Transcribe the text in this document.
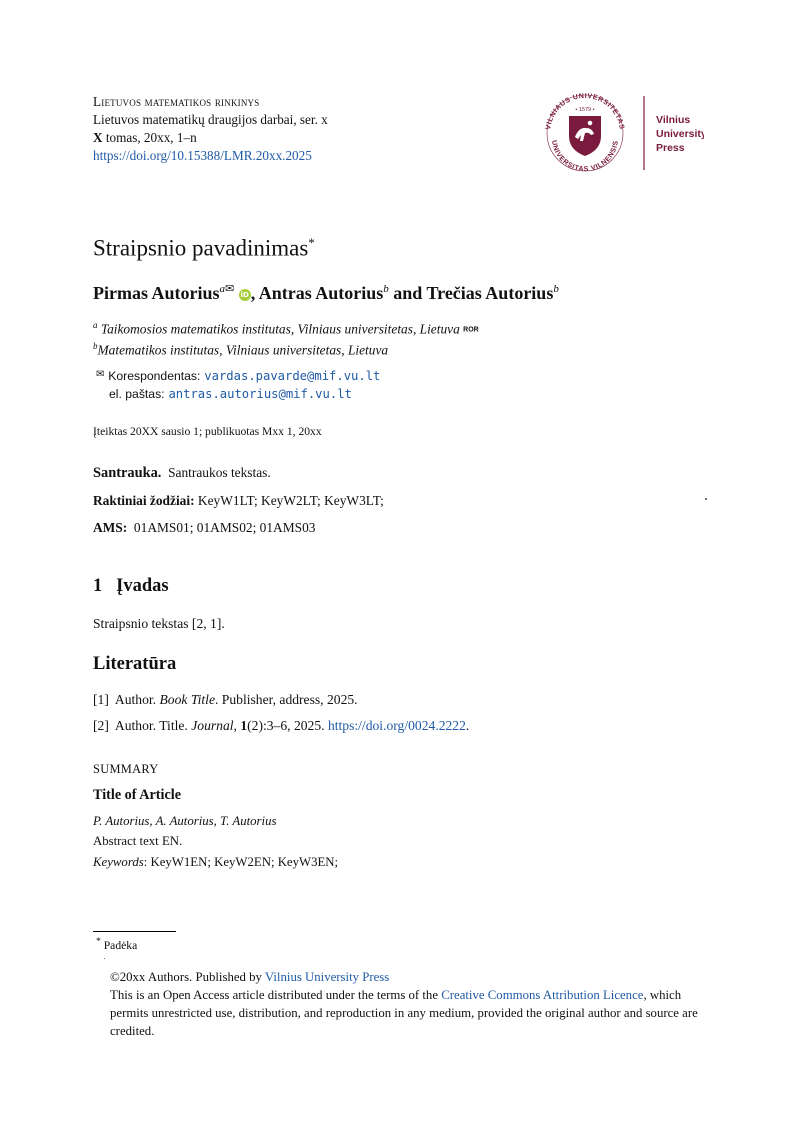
Lietuvos matematikos rinkinys
Lietuvos matematikų draugijos darbai, ser. x
X tomas, 20xx, 1–n
https://doi.org/10.15388/LMR.20xx.2025
VILNIAUS UNIVERSITETAS
UNIVERSITAS VILNENSIS
• 1579 •
Vilnius
University
Press
Straipsnio pavadinimas*
Pirmas Autorius$^{a✉}$ iD , Antras Autorius$^b$ and Trečias Autorius$^b$
$^a$ Taikomosios matematikos institutas, Vilniaus universitetas, Lietuva ROR
$^b$Matematikos institutas, Vilniaus universitetas, Lietuva
✉ Korespondentas: vardas.pavarde@mif.vu.lt
el. paštas: antras.autorius@mif.vu.lt
Įteiktas 20XX sausio 1; publikuotas Mxx 1, 20xx
Santrauka. Santraukos tekstas.
Raktiniai žodžiai: KeyW1LT; KeyW2LT; KeyW3LT;
AMS: 01AMS01; 01AMS02; 01AMS03
1 Įvadas
Straipsnio tekstas [2, 1].
Literatūra
[1] Author. Book Title. Publisher, address, 2025.
[2] Author. Title. Journal, 1(2):3–6, 2025. https://doi.org/0024.2222.
SUMMARY
Title of Article
P. Autorius, A. Autorius, T. Autorius
Abstract text EN.
Keywords: KeyW1EN; KeyW2EN; KeyW3EN;
* Padėka
©20xx Authors. Published by Vilnius University Press
This is an Open Access article distributed under the terms of the Creative Commons Attribution Licence, which permits unrestricted use, distribution, and reproduction in any medium, provided the original author and source are credited.
